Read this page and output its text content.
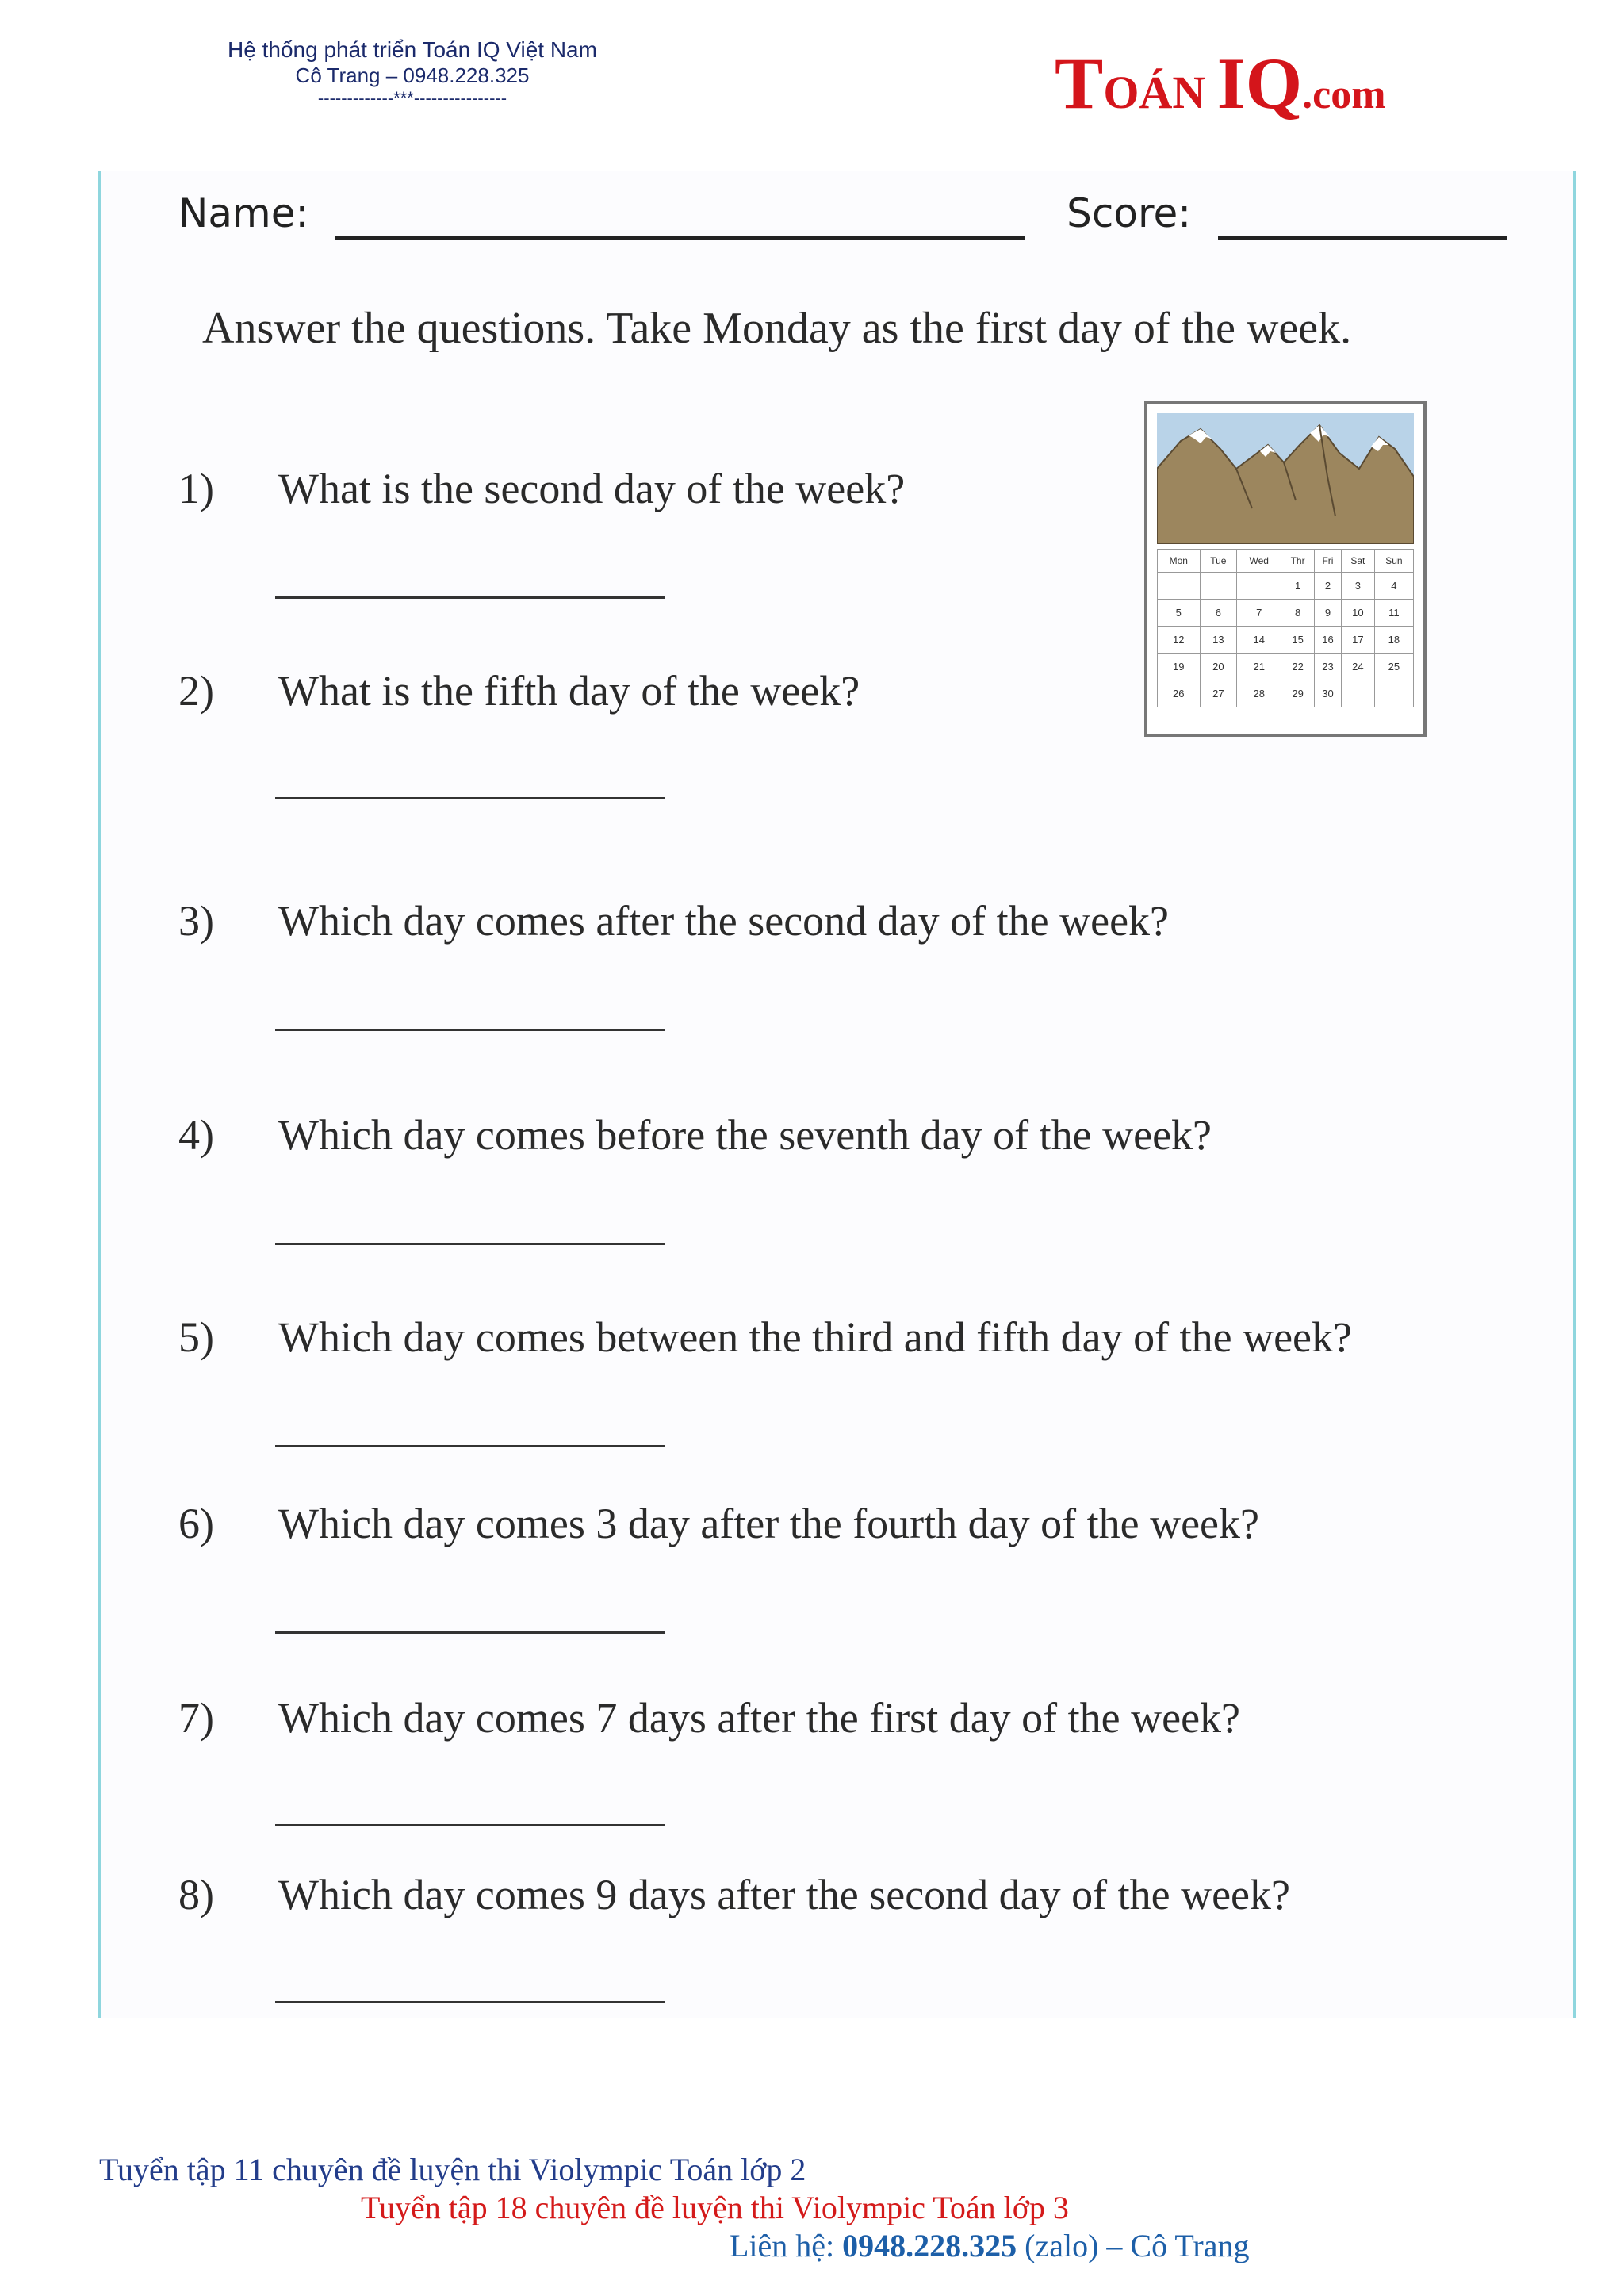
Hệ thống phát triển Toán IQ Việt Nam
Cô Trang – 0948.228.325
-------------***----------------	TOÁN IQ.com
Name:	Score:
Answer the questions. Take Monday as the first day of the week.
1) What is the second day of the week?
2) What is the fifth day of the week?
3) Which day comes after the second day of the week?
4) Which day comes before the seventh day of the week?
5) Which day comes between the third and fifth day of the week?
6) Which day comes 3 day after the fourth day of the week?
7) Which day comes 7 days after the first day of the week?
8) Which day comes 9 days after the second day of the week?
Mon	Tue	Wed	Thr	Fri	Sat	Sun
			1	2	3	4
5	6	7	8	9	10	11
12	13	14	15	16	17	18
19	20	21	22	23	24	25
26	27	28	29	30		
Tuyển tập 11 chuyên đề luyện thi Violympic Toán lớp 2
Tuyển tập 18 chuyên đề luyện thi Violympic Toán lớp 3
Liên hệ: 0948.228.325 (zalo) – Cô Trang
